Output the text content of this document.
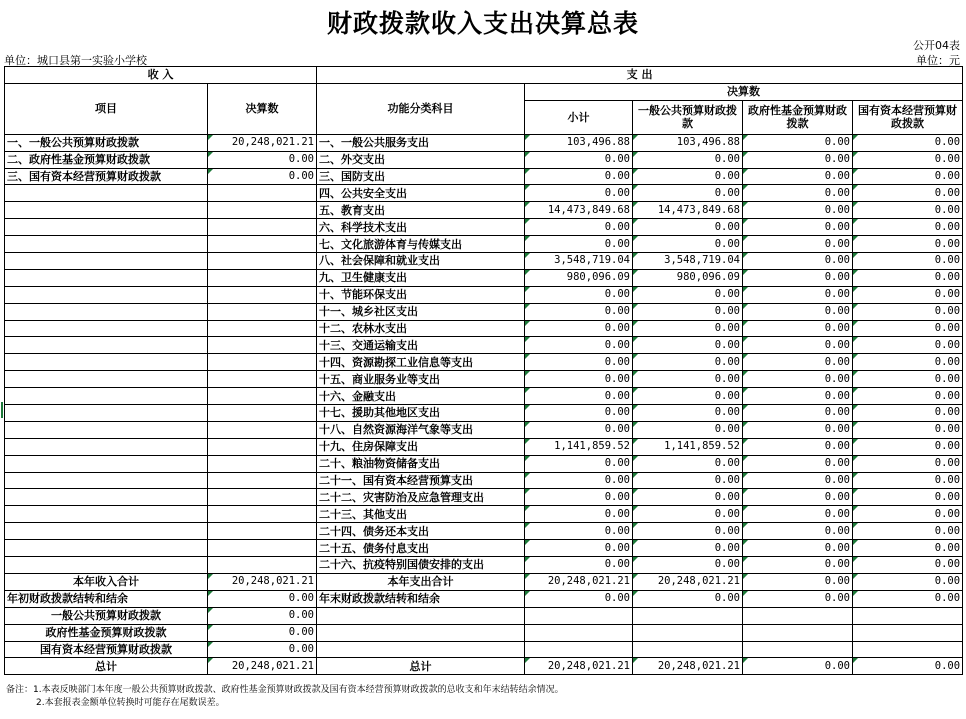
财政拨款收入支出决算总表
公开04表
单位：城口县第一实验小学校	单位：元
收 入		支 出				
项目	决算数	功能分类科目	决算数			
			小计	一般公共预算财政拨款	政府性基金预算财政拨款	国有资本经营预算财政拨款
一、一般公共预算财政拨款	20,248,021.21	一、一般公共服务支出	103,496.88	103,496.88	0.00	0.00
二、政府性基金预算财政拨款	0.00	二、外交支出	0.00	0.00	0.00	0.00
三、国有资本经营预算财政拨款	0.00	三、国防支出	0.00	0.00	0.00	0.00
		四、公共安全支出	0.00	0.00	0.00	0.00
		五、教育支出	14,473,849.68	14,473,849.68	0.00	0.00
		六、科学技术支出	0.00	0.00	0.00	0.00
		七、文化旅游体育与传媒支出	0.00	0.00	0.00	0.00
		八、社会保障和就业支出	3,548,719.04	3,548,719.04	0.00	0.00
		九、卫生健康支出	980,096.09	980,096.09	0.00	0.00
		十、节能环保支出	0.00	0.00	0.00	0.00
		十一、城乡社区支出	0.00	0.00	0.00	0.00
		十二、农林水支出	0.00	0.00	0.00	0.00
		十三、交通运输支出	0.00	0.00	0.00	0.00
		十四、资源勘探工业信息等支出	0.00	0.00	0.00	0.00
		十五、商业服务业等支出	0.00	0.00	0.00	0.00
		十六、金融支出	0.00	0.00	0.00	0.00
		十七、援助其他地区支出	0.00	0.00	0.00	0.00
		十八、自然资源海洋气象等支出	0.00	0.00	0.00	0.00
		十九、住房保障支出	1,141,859.52	1,141,859.52	0.00	0.00
		二十、粮油物资储备支出	0.00	0.00	0.00	0.00
		二十一、国有资本经营预算支出	0.00	0.00	0.00	0.00
		二十二、灾害防治及应急管理支出	0.00	0.00	0.00	0.00
		二十三、其他支出	0.00	0.00	0.00	0.00
		二十四、债务还本支出	0.00	0.00	0.00	0.00
		二十五、债务付息支出	0.00	0.00	0.00	0.00
		二十六、抗疫特别国债安排的支出	0.00	0.00	0.00	0.00
本年收入合计	20,248,021.21	本年支出合计	20,248,021.21	20,248,021.21	0.00	0.00
年初财政拨款结转和结余	0.00	年末财政拨款结转和结余	0.00	0.00	0.00	0.00
一般公共预算财政拨款	0.00					
政府性基金预算财政拨款	0.00					
国有资本经营预算财政拨款	0.00					
总计	20,248,021.21	总计	20,248,021.21	20,248,021.21	0.00	0.00
备注：1.本表反映部门本年度一般公共预算财政拨款、政府性基金预算财政拨款及国有资本经营预算财政拨款的总收支和年末结转结余情况。
2.本套报表金额单位转换时可能存在尾数误差。
